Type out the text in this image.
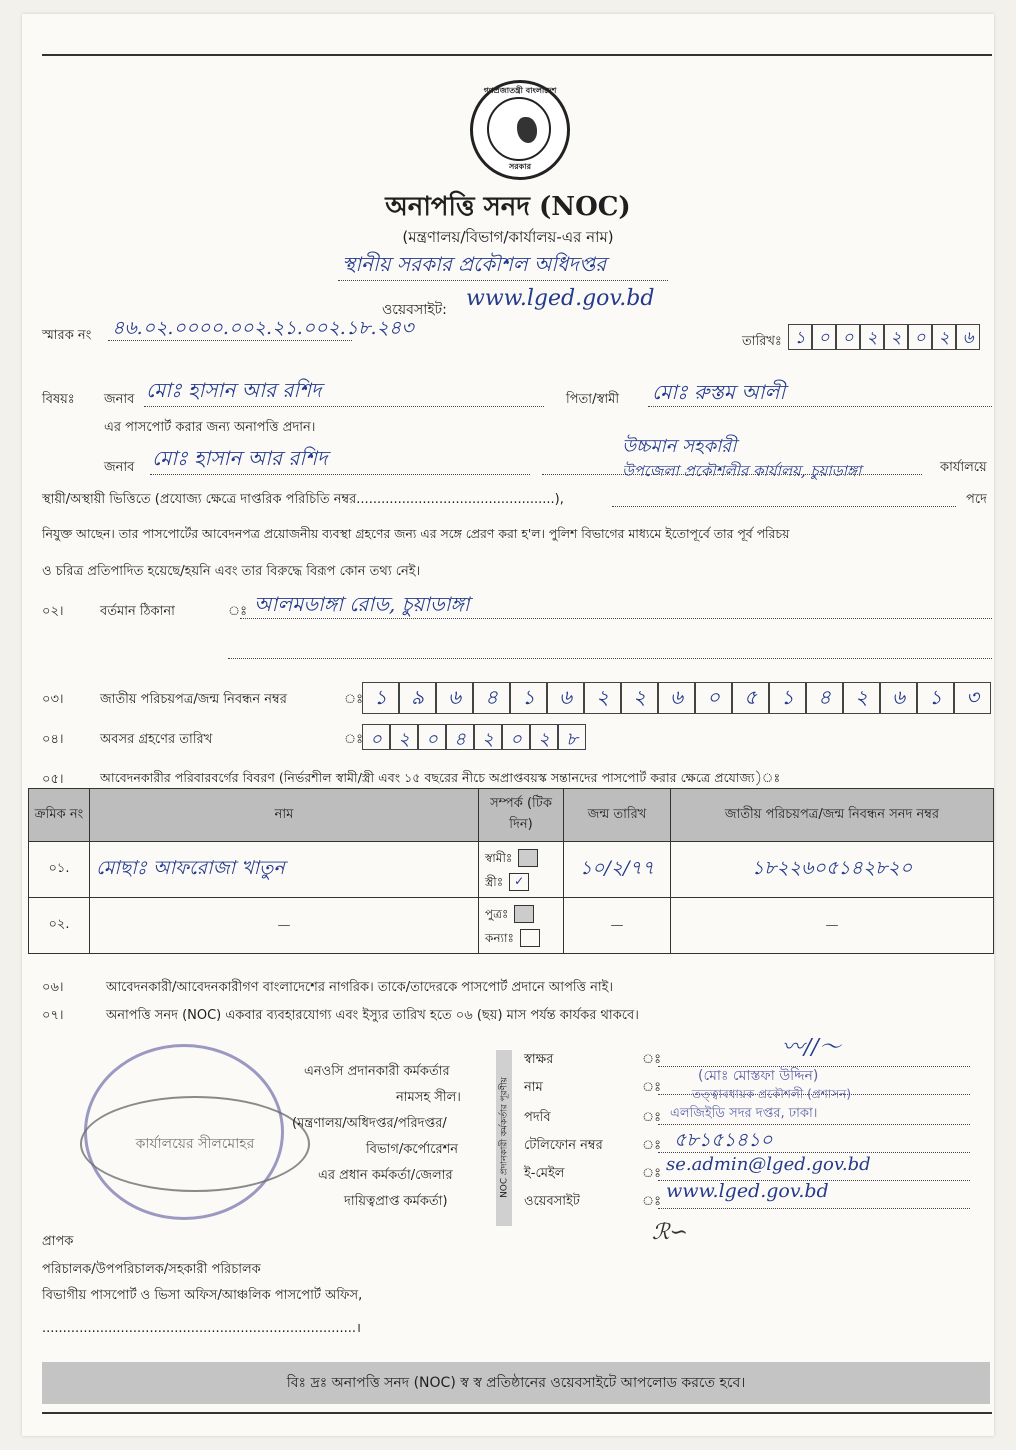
গণপ্রজাতন্ত্রী বাংলাদেশ
সরকার
অনাপত্তি সনদ (NOC)
(মন্ত্রণালয়/বিভাগ/কার্যালয়-এর নাম)
স্থানীয় সরকার প্রকৌশল অধিদপ্তর
ওয়েবসাইট: www.lged.gov.bd
স্মারক নং ৪৬.০২.০০০০.০০২.২১.০০২.১৮.২৪৩
তারিখঃ ১ ০ ০ ২ ২ ০ ২ ৬
বিষয়ঃ জনাব মোঃ হাসান আর রশিদ	পিতা/স্বামী মোঃ রুস্তম আলী
এর পাসপোর্ট করার জন্য অনাপত্তি প্রদান।
জনাব মোঃ হাসান আর রশিদ	উচ্চমান সহকারী
উপজেলা প্রকৌশলীর কার্যালয়, চুয়াডাঙ্গা	কার্যালয়ে
স্থায়ী/অস্থায়ী ভিত্তিতে (প্রযোজ্য ক্ষেত্রে দাপ্তরিক পরিচিতি নম্বর................................................),	পদে
নিযুক্ত আছেন। তার পাসপোর্টের আবেদনপত্র প্রয়োজনীয় ব্যবস্থা গ্রহণের জন্য এর সঙ্গে প্রেরণ করা হ'ল। পুলিশ বিভাগের মাধ্যমে ইতোপূর্বে তার পূর্ব পরিচয়
ও চরিত্র প্রতিপাদিত হয়েছে/হয়নি এবং তার বিরুদ্ধে বিরূপ কোন তথ্য নেই।
০২।	বর্তমান ঠিকানা	ঃ আলমডাঙ্গা রোড, চুয়াডাঙ্গা
০৩।	জাতীয় পরিচয়পত্র/জন্ম নিবন্ধন নম্বর	ঃ ১	৯	৬	৪	১	৬	২	২	৬	০	৫	১	৪	২	৬	১	৩
০৪।	অবসর গ্রহণের তারিখ	ঃ ০ ২ ০ ৪ ২ ০ ২ ৮
০৫।	আবেদনকারীর পরিবারবর্গের বিবরণ (নির্ভরশীল স্বামী/স্ত্রী এবং ১৫ বছরের নীচে অপ্রাপ্তবয়স্ক সন্তানদের পাসপোর্ট করার ক্ষেত্রে প্রযোজ্য)ঃ
ক্রমিক নং	নাম	সম্পর্ক (টিক দিন)	জন্ম তারিখ	জাতীয় পরিচয়পত্র/জন্ম নিবন্ধন সনদ নম্বর
০১.	মোছাঃ আফরোজা খাতুন	স্বামীঃ
স্ত্রীঃ ✓	১০/২/৭৭	১৮২২৬০৫১৪২৮২০
০২.	—	পুত্রঃ
কন্যাঃ	—	—
০৬।	আবেদনকারী/আবেদনকারীগণ বাংলাদেশের নাগরিক। তাকে/তাদেরকে পাসপোর্ট প্রদানে আপত্তি নাই।
০৭।	অনাপত্তি সনদ (NOC) একবার ব্যবহারযোগ্য এবং ইস্যুর তারিখ হতে ০৬ (ছয়) মাস পর্যন্ত কার্যকর থাকবে।
কার্যালয়ের সীলমোহর
এনওসি প্রদানকারী কর্মকর্তার
নামসহ সীল।
(মন্ত্রণালয়/অধিদপ্তর/পরিদপ্তর/
বিভাগ/কর্পোরেশন
এর প্রধান কর্মকর্তা/জেলার
দায়িত্বপ্রাপ্ত কর্মকর্তা)
NOC প্রদানকারী কর্মকর্তার পূরণীয়
স্বাক্ষর	ঃ	〰∕∕〜
নাম	ঃ
(মোঃ মোস্তফা উদ্দিন)
তত্ত্বাবধায়ক প্রকৌশলী (প্রশাসন)
পদবি	ঃ এলজিইডি সদর দপ্তর, ঢাকা।
টেলিফোন নম্বর	ঃ ৫৮১৫১৪১০
ই-মেইল	ঃ se.admin@lged.gov.bd
ওয়েবসাইট	ঃ www.lged.gov.bd
ℛ∽
প্রাপক
পরিচালক/উপপরিচালক/সহকারী পরিচালক
বিভাগীয় পাসপোর্ট ও ভিসা অফিস/আঞ্চলিক পাসপোর্ট অফিস,
............................................................................।
বিঃ দ্রঃ অনাপত্তি সনদ (NOC) স্ব স্ব প্রতিষ্ঠানের ওয়েবসাইটে আপলোড করতে হবে।
